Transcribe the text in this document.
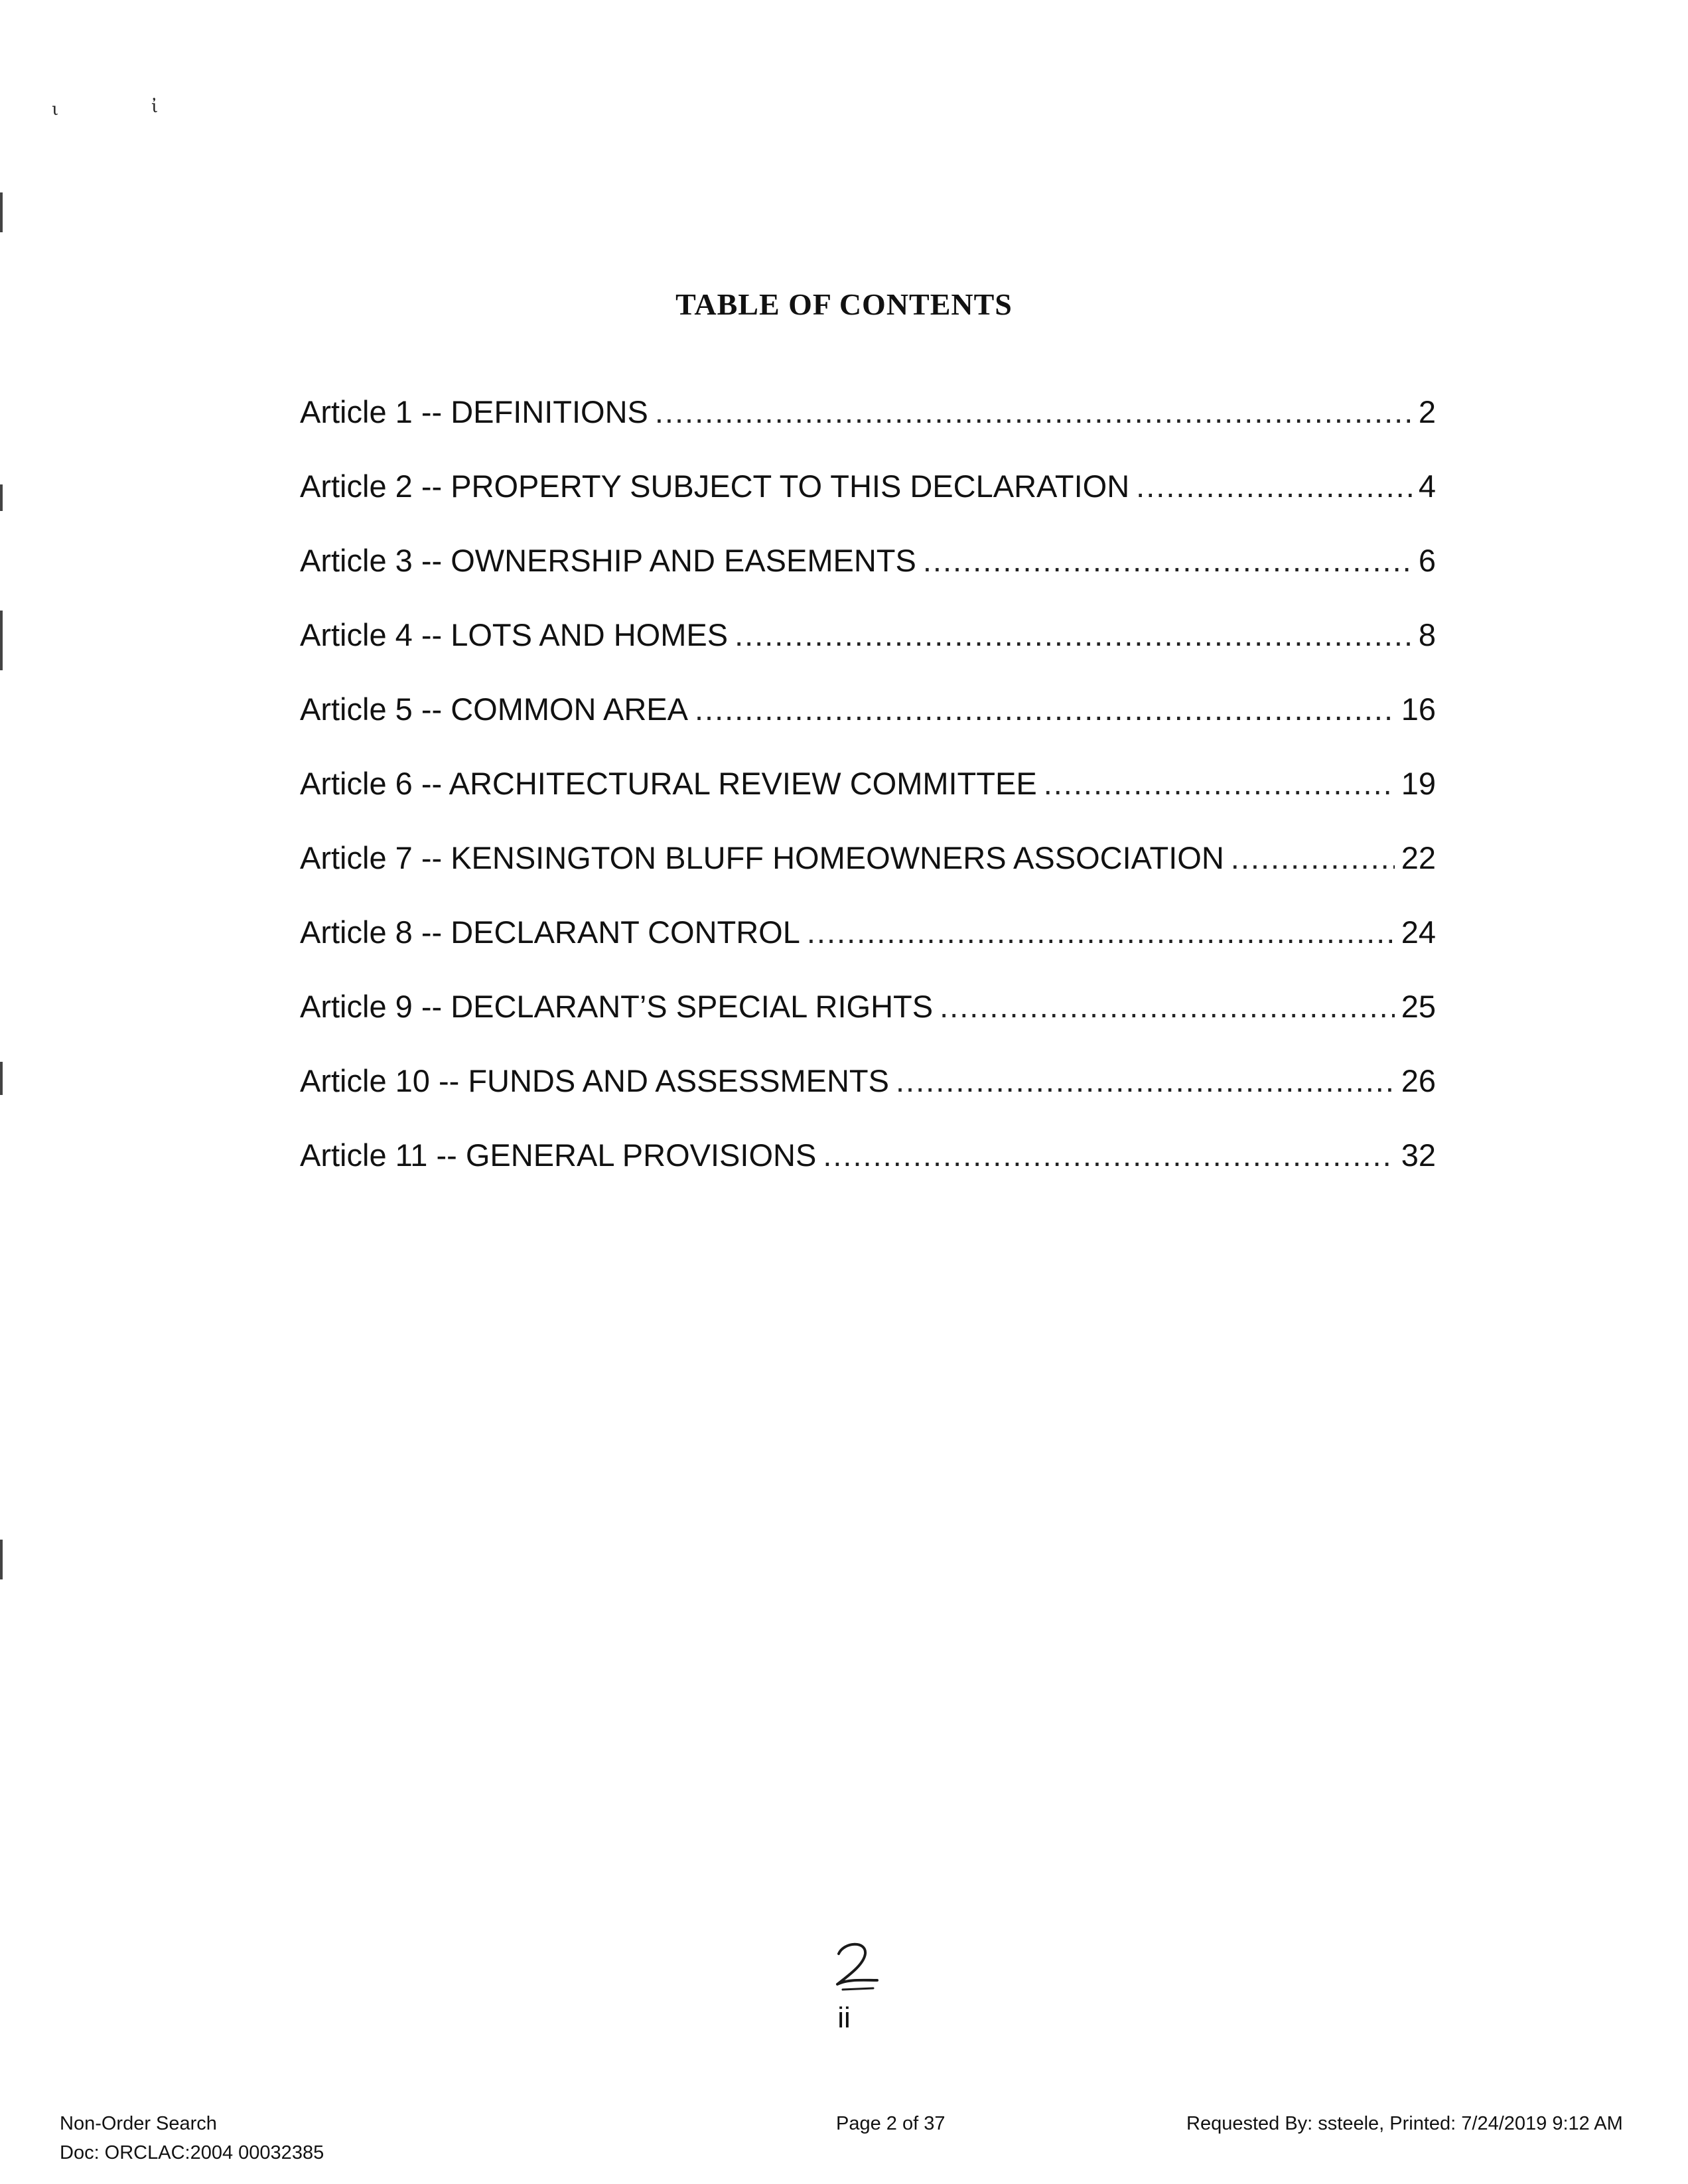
ι	ἰ
TABLE OF CONTENTS
Article 1 -- DEFINITIONS .....	2
Article 2 -- PROPERTY SUBJECT TO THIS DECLARATION .....	4
Article 3 -- OWNERSHIP AND EASEMENTS .....	6
Article 4 -- LOTS AND HOMES .....	8
Article 5 -- COMMON AREA .....	16
Article 6 -- ARCHITECTURAL REVIEW COMMITTEE .....	19
Article 7 -- KENSINGTON BLUFF HOMEOWNERS ASSOCIATION .....	22
Article 8 -- DECLARANT CONTROL .....	24
Article 9 -- DECLARANT’S SPECIAL RIGHTS .....	25
Article 10 -- FUNDS AND ASSESSMENTS .....	26
Article 11 -- GENERAL PROVISIONS .....	32
ii
Non-Order Search
Doc: ORCLAC:2004 00032385
Page 2 of 37	Requested By: ssteele, Printed: 7/24/2019 9:12 AM
